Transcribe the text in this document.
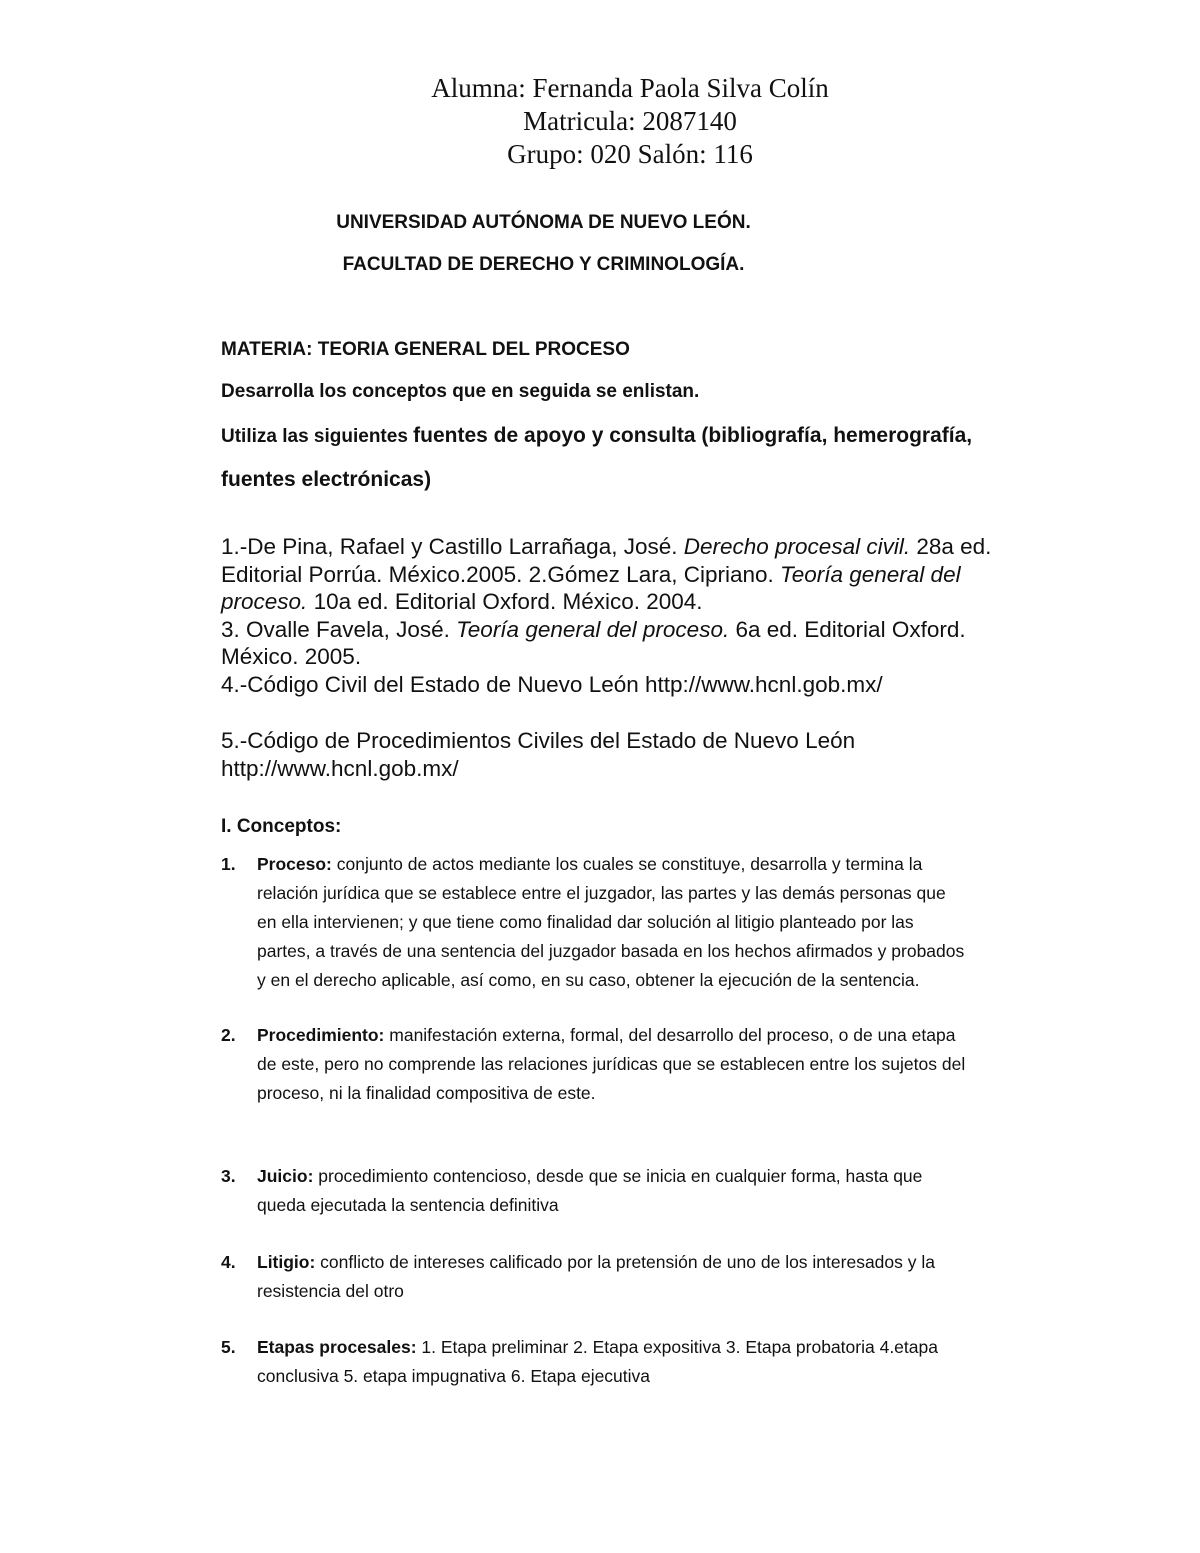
Alumna: Fernanda Paola Silva Colín
Matricula: 2087140
Grupo: 020 Salón: 116
UNIVERSIDAD AUTÓNOMA DE NUEVO LEÓN.
FACULTAD DE DERECHO Y CRIMINOLOGÍA.
MATERIA: TEORIA GENERAL DEL PROCESO
Desarrolla los conceptos que en seguida se enlistan.
Utiliza las siguientes fuentes de apoyo y consulta (bibliografía, hemerografía,
fuentes electrónicas)
1.-De Pina, Rafael y Castillo Larrañaga, José. Derecho procesal civil. 28a ed.
Editorial Porrúa. México.2005. 2.Gómez Lara, Cipriano. Teoría general del
proceso. 10a ed. Editorial Oxford. México. 2004.
3. Ovalle Favela, José. Teoría general del proceso. 6a ed. Editorial Oxford.
México. 2005.
4.-Código Civil del Estado de Nuevo León http://www.hcnl.gob.mx/
5.-Código de Procedimientos Civiles del Estado de Nuevo León
http://www.hcnl.gob.mx/
I. Conceptos:
1. Proceso: conjunto de actos mediante los cuales se constituye, desarrolla y termina la
relación jurídica que se establece entre el juzgador, las partes y las demás personas que
en ella intervienen; y que tiene como finalidad dar solución al litigio planteado por las
partes, a través de una sentencia del juzgador basada en los hechos afirmados y probados
y en el derecho aplicable, así como, en su caso, obtener la ejecución de la sentencia.
2. Procedimiento: manifestación externa, formal, del desarrollo del proceso, o de una etapa
de este, pero no comprende las relaciones jurídicas que se establecen entre los sujetos del
proceso, ni la finalidad compositiva de este.
3. Juicio: procedimiento contencioso, desde que se inicia en cualquier forma, hasta que
queda ejecutada la sentencia definitiva
4. Litigio: conflicto de intereses calificado por la pretensión de uno de los interesados y la
resistencia del otro
5. Etapas procesales: 1. Etapa preliminar 2. Etapa expositiva 3. Etapa probatoria 4.etapa
conclusiva 5. etapa impugnativa 6. Etapa ejecutiva
